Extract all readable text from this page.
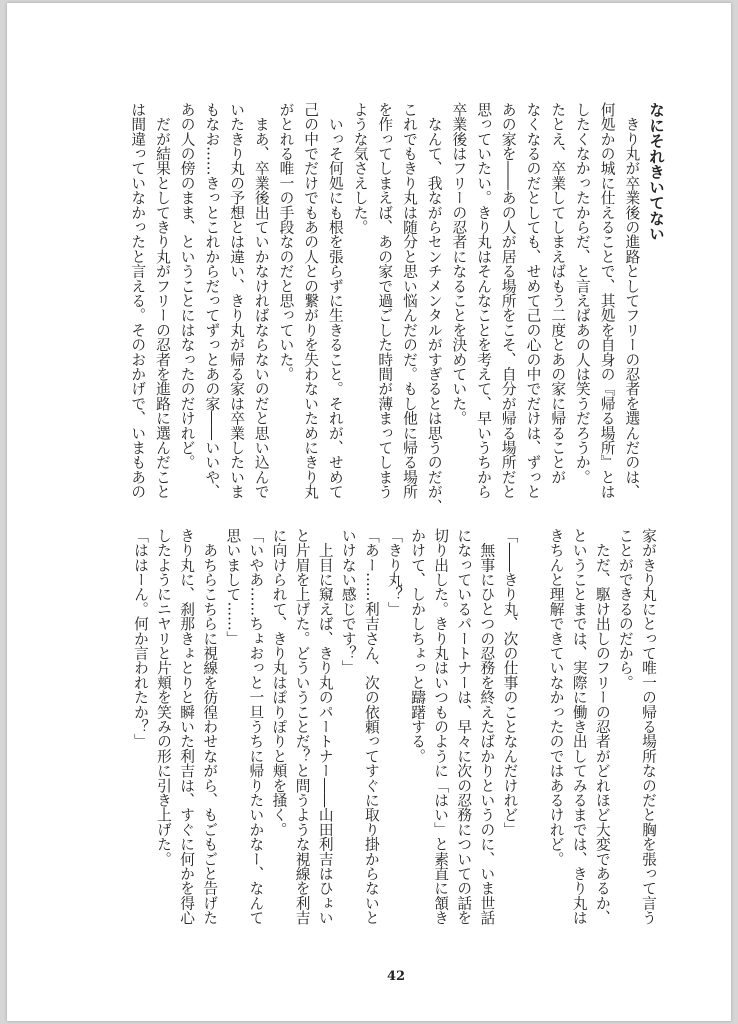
なにそれきいてない
　きり丸が卒業後の進路としてフリーの忍者を選んだのは、
何処かの城に仕えることで、其処を自身の『帰る場所』とは
したくなかったからだ、と言えばあの人は笑うだろうか。
たとえ、卒業してしまえばもう二度とあの家に帰ることが
なくなるのだとしても、せめて己の心の中でだけは、ずっと
あの家を――あの人が居る場所をこそ、自分が帰る場所だと
思っていたい。きり丸はそんなことを考えて、早いうちから
卒業後はフリーの忍者になることを決めていた。
　なんて、我ながらセンチメンタルがすぎるとは思うのだが、
これでもきり丸は随分と思い悩んだのだ。もし他に帰る場所
を作ってしまえば、あの家で過ごした時間が薄まってしまう
ような気さえした。
　いっそ何処にも根を張らずに生きること。それが、せめて
己の中でだけでもあの人との繋がりを失わないためにきり丸
がとれる唯一の手段なのだと思っていた。
　まあ、卒業後出ていかなければならないのだと思い込んで
いたきり丸の予想とは違い、きり丸が帰る家は卒業したいま
もなお……きっとこれからだってずっとあの家――いいや、
あの人の傍のまま、ということにはなったのだけれど。
　だが結果としてきり丸がフリーの忍者を進路に選んだこと
は間違っていなかったと言える。そのおかげで、いまもあの
家がきり丸にとって唯一の帰る場所なのだと胸を張って言う
ことができるのだから。
　ただ、駆け出しのフリーの忍者がどれほど大変であるか、
ということまでは、実際に働き出してみるまでは、きり丸は
きちんと理解できていなかったのではあるけれど。

「――きり丸、次の仕事のことなんだけれど」
　無事にひとつの忍務を終えたばかりというのに、いま世話
になっているパートナーは、早々に次の忍務についての話を
切り出した。きり丸はいつものように「はい」と素直に頷き
かけて、しかしちょっと躊躇する。
「きり丸？」
「あー……利吉さん、次の依頼ってすぐに取り掛からないと
いけない感じです？」
　上目に窺えば、きり丸のパートナー――山田利吉はひょい
と片眉を上げた。どういうことだ？と問うような視線を利吉
に向けられて、きり丸はぽりぽりと頬を掻く。
「いやあ……ちょおっと一旦うちに帰りたいかなー、なんて
思いまして……」
　あちらこちらに視線を彷徨わせながら、もごもごと告げた
きり丸に、刹那きょとりと瞬いた利吉は、すぐに何かを得心
したようにニヤリと片頬を笑みの形に引き上げた。
「ははーん。何か言われたか？」
42
